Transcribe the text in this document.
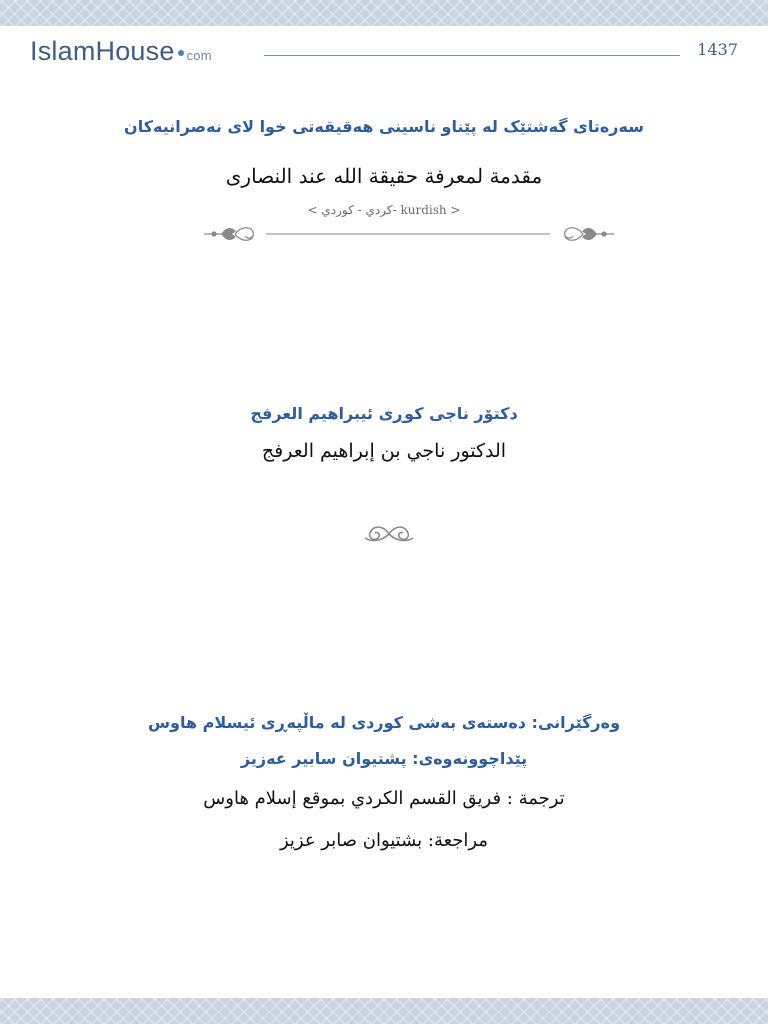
IslamHouse com	1437
سەرەتای گەشتێک لە پێناو ناسینی هەقیقەتی خوا لای نەصرانیەکان
مقدمة لمعرفة حقيقة الله عند النصارى
< كردي - كوردي- kurdish >
دکتۆر ناجی کوڕی ئیبراهیم العرفج
الدكتور ناجي بن إبراهيم العرفج
وەرگێرانی: دەستەی بەشی کوردی لە ماڵپەڕی ئیسلام هاوس
پێداچوونەوەی: پشتیوان سابیر عەزیز
ترجمة : فريق القسم الكردي بموقع إسلام هاوس
مراجعة: بشتيوان صابر عزيز
